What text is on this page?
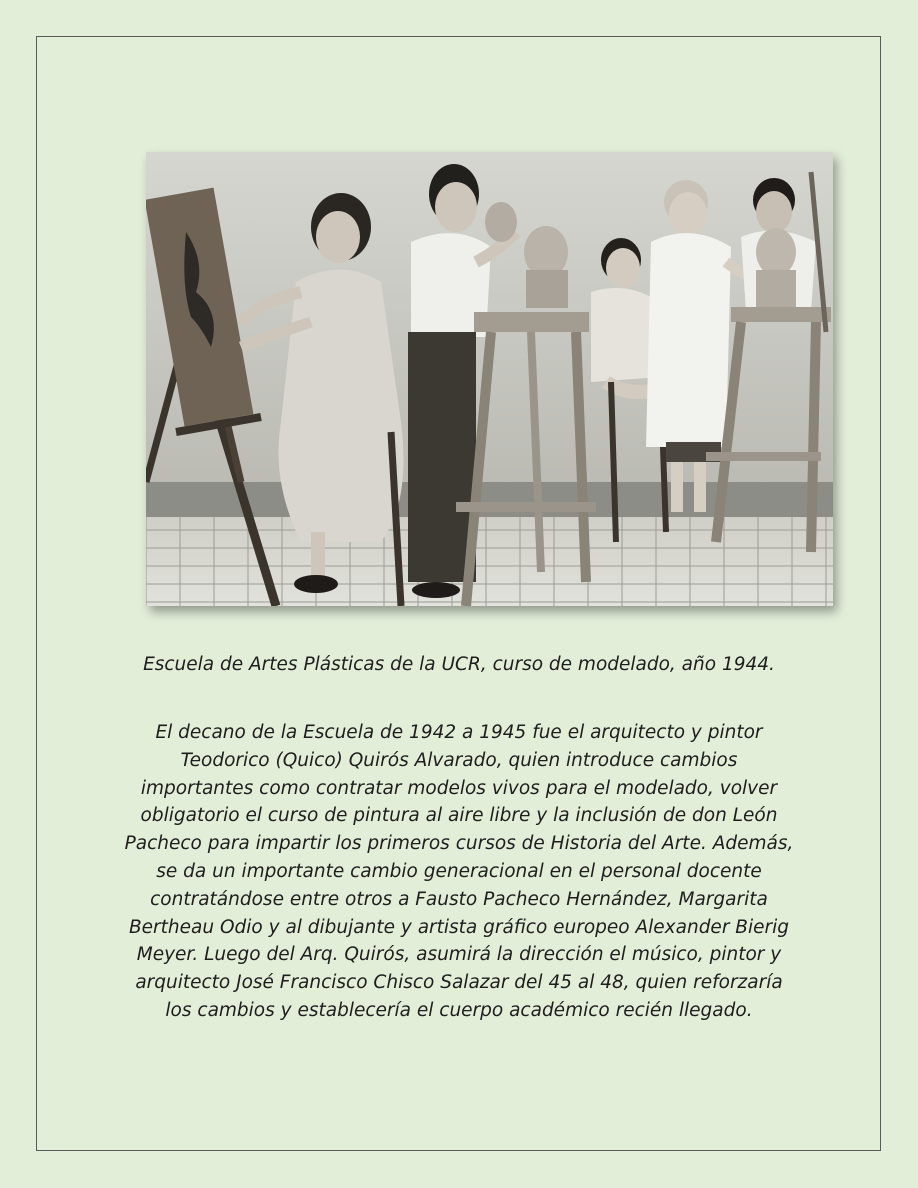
Escuela de Artes Plásticas de la UCR, curso de modelado, año 1944.

El decano de la Escuela de 1942 a 1945 fue el arquitecto y pintor Teodorico (Quico) Quirós Alvarado, quien introduce cambios importantes como contratar modelos vivos para el modelado, volver obligatorio el curso de pintura al aire libre y la inclusión de don León Pacheco para impartir los primeros cursos de Historia del Arte. Además, se da un importante cambio generacional en el personal docente contratándose entre otros a Fausto Pacheco Hernández, Margarita Bertheau Odio y al dibujante y artista gráfico europeo Alexander Bierig Meyer. Luego del Arq. Quirós, asumirá la dirección el músico, pintor y arquitecto José Francisco Chisco Salazar del 45 al 48, quien reforzaría los cambios y establecería el cuerpo académico recién llegado.
